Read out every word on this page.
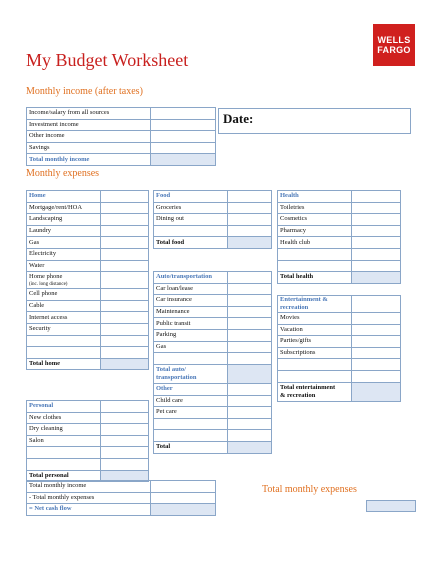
WELLS
FARGO
My Budget Worksheet
Monthly income (after taxes)
Income/salary from all sources	
Investment income	
Other income	
Savings	
Total monthly income	
Date:
Monthly expenses
Home	
Mortgage/rent/HOA	
Landscaping	
Laundry	
Gas	
Electricity	
Water	
Home phone
(inc. long distance)	
Cell phone	
Cable	
Internet access	
Security	

Total home	
Food	
Groceries	
Dining out	

Total food	
Auto/transportation	
Car loan/lease	
Car insurance	
Maintenance	
Public transit	
Parking	
Gas	

Total auto/
transportation	
Other	
Child care	
Pet care	

Total	
Health	
Toiletries	
Cosmetics	
Pharmacy	
Health club	

Total health	
Entertainment & recreation	
Movies	
Vacation	
Parties/gifts	
Subscriptions	

Total entertainment
& recreation	
Personal	
New clothes	
Dry cleaning	
Salon	

Total personal	
Total monthly income	
- Total monthly expenses	
= Net cash flow	
Total monthly expenses
